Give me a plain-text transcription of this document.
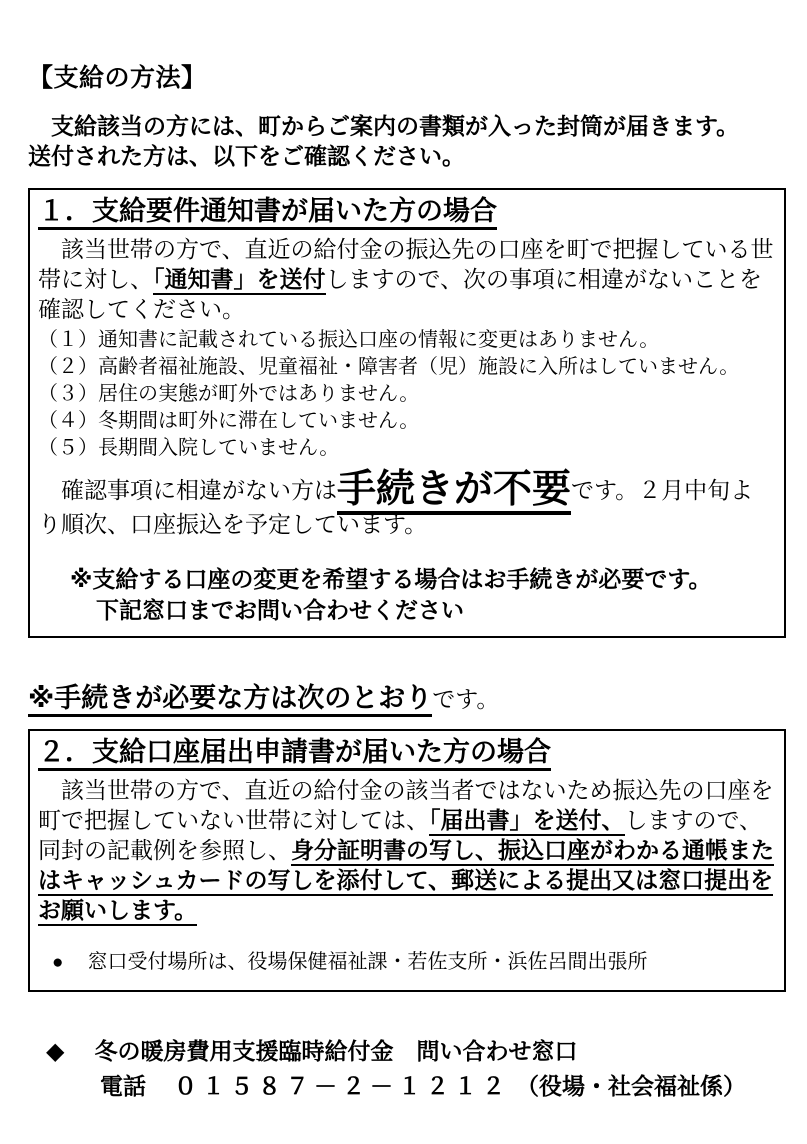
【支給の方法】

　支給該当の方には、町からご案内の書類が入った封筒が届きます。
送付された方は、以下をご確認ください。

１．支給要件通知書が届いた方の場合

　該当世帯の方で、直近の給付金の振込先の口座を町で把握している世帯に対し、「通知書」を送付しますので、次の事項に相違がないことを確認してください。

（１）通知書に記載されている振込口座の情報に変更はありません。
（２）高齢者福祉施設、児童福祉・障害者（児）施設に入所はしていません。
（３）居住の実態が町外ではありません。
（４）冬期間は町外に滞在していません。
（５）長期間入院していません。

　確認事項に相違がない方は手続きが不要です。２月中旬より順次、口座振込を予定しています。

※支給する口座の変更を希望する場合はお手続きが必要です。
下記窓口までお問い合わせください

※手続きが必要な方は次のとおりです。
２．支給口座届出申請書が届いた方の場合

　該当世帯の方で、直近の給付金の該当者ではないため振込先の口座を町で把握していない世帯に対しては、「届出書」を送付、しますので、同封の記載例を参照し、身分証明書の写し、振込口座がわかる通帳またはキャッシュカードの写しを添付して、郵送による提出又は窓口提出をお願いします。

●	窓口受付場所は、役場保健福祉課・若佐支所・浜佐呂間出張所
◆	冬の暖房費用支援臨時給付金　問い合わせ窓口
電話 ０１５８７－２－１２１２ （役場・社会福祉係）
